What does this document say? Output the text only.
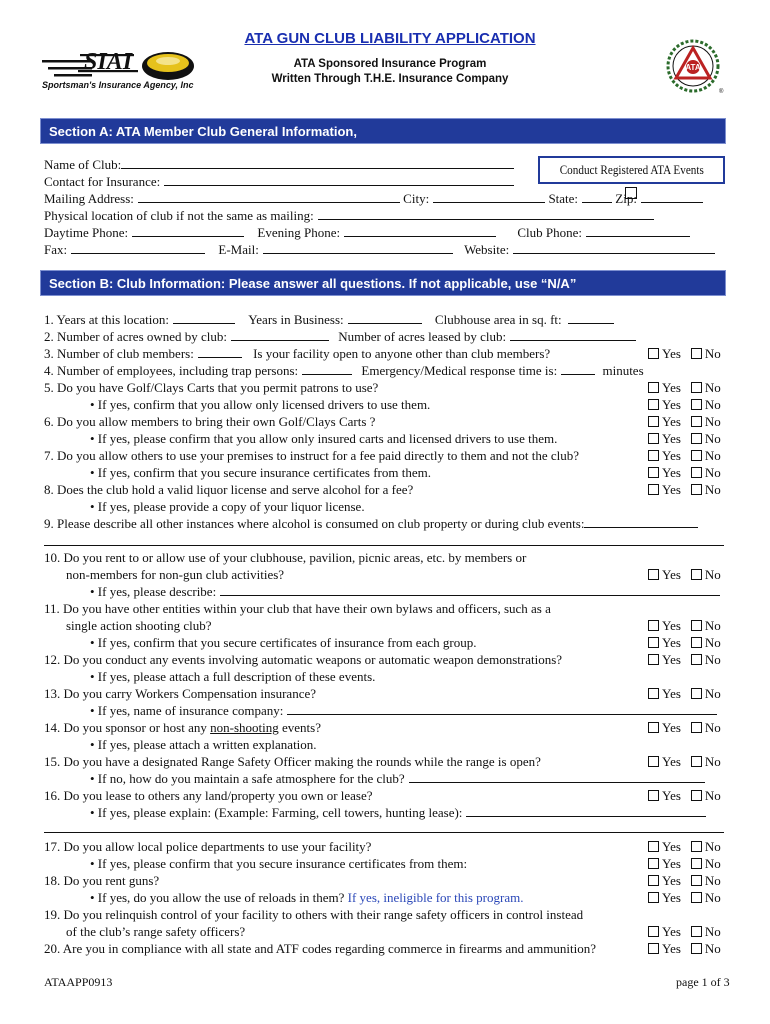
SIAI
Sportsman's Insurance Agency, Inc
ATA GUN CLUB LIABILITY APPLICATION
ATA Sponsored Insurance Program
Written Through T.H.E. Insurance Company
ATA
®
Section A: ATA Member Club General Information,
Conduct Registered ATA Events
Name of Club:
Contact for Insurance:
Mailing Address:	City:	State:	Zip:
Physical location of club if not the same as mailing:
Daytime Phone:	Evening Phone:	Club Phone:
Fax:	E-Mail:	Website:
Section B: Club Information: Please answer all questions. If not applicable, use “N/A”
1. Years at this location:	Years in Business:	Clubhouse area in sq. ft:
2. Number of acres owned by club:	Number of acres leased by club:
3. Number of club members:	Is your facility open to anyone other than club members?	Yes No
4. Number of employees, including trap persons:	Emergency/Medical response time is:	minutes
5. Do you have Golf/Clays Carts that you permit patrons to use?	Yes No
• If yes, confirm that you allow only licensed drivers to use them.	Yes No
6. Do you allow members to bring their own Golf/Clays Carts ?	Yes No
• If yes, please confirm that you allow only insured carts and licensed drivers to use them.	Yes No
7. Do you allow others to use your premises to instruct for a fee paid directly to them and not the club?	Yes No
• If yes, confirm that you secure insurance certificates from them.	Yes No
8. Does the club hold a valid liquor license and serve alcohol for a fee?	Yes No
• If yes, please provide a copy of your liquor license.
9. Please describe all other instances where alcohol is consumed on club property or during club events:
10. Do you rent to or allow use of your clubhouse, pavilion, picnic areas, etc. by members or
non-members for non-gun club activities?	Yes No
• If yes, please describe:
11. Do you have other entities within your club that have their own bylaws and officers, such as a
single action shooting club?	Yes No
• If yes, confirm that you secure certificates of insurance from each group.	Yes No
12. Do you conduct any events involving automatic weapons or automatic weapon demonstrations?	Yes No
• If yes, please attach a full description of these events.
13. Do you carry Workers Compensation insurance?	Yes No
• If yes, name of insurance company:
14. Do you sponsor or host any non-shooting events?	Yes No
• If yes, please attach a written explanation.
15. Do you have a designated Range Safety Officer making the rounds while the range is open?	Yes No
• If no, how do you maintain a safe atmosphere for the club?
16. Do you lease to others any land/property you own or lease?	Yes No
• If yes, please explain: (Example: Farming, cell towers, hunting lease):
17. Do you allow local police departments to use your facility?	Yes No
• If yes, please confirm that you secure insurance certificates from them:	Yes No
18. Do you rent guns?	Yes No
• If yes, do you allow the use of reloads in them? If yes, ineligible for this program.	Yes No
19. Do you relinquish control of your facility to others with their range safety officers in control instead
of the club’s range safety officers?	Yes No
20. Are you in compliance with all state and ATF codes regarding commerce in firearms and ammunition?	Yes No
ATAAPP0913	page 1 of 3
